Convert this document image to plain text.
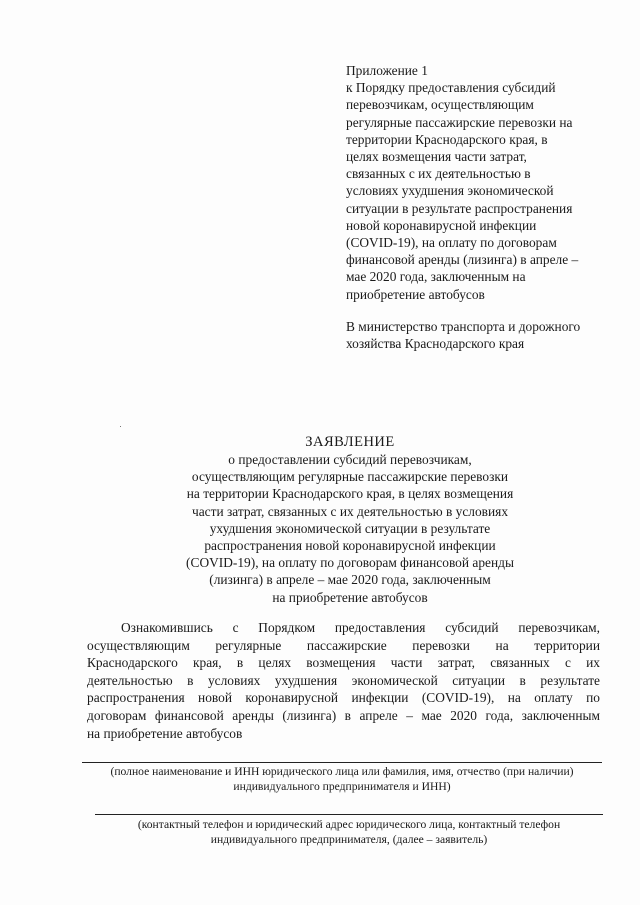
Приложение 1
к Порядку предоставления субсидий
перевозчикам, осуществляющим
регулярные пассажирские перевозки на
территории Краснодарского края, в
целях возмещения части затрат,
связанных с их деятельностью в
условиях ухудшения экономической
ситуации в результате распространения
новой коронавирусной инфекции
(COVID-19), на оплату по договорам
финансовой аренды (лизинга) в апреле –
мае 2020 года, заключенным на
приобретение автобусов
В министерство транспорта и дорожного
хозяйства Краснодарского края
ЗАЯВЛЕНИЕ
о предоставлении субсидий перевозчикам,
осуществляющим регулярные пассажирские перевозки
на территории Краснодарского края, в целях возмещения
части затрат, связанных с их деятельностью в условиях
ухудшения экономической ситуации в результате
распространения новой коронавирусной инфекции
(COVID-19), на оплату по договорам финансовой аренды
(лизинга) в апреле – мае 2020 года, заключенным
на приобретение автобусов
Ознакомившись с Порядком предоставления субсидий перевозчикам,
осуществляющим регулярные пассажирские перевозки на территории
Краснодарского края, в целях возмещения части затрат, связанных с их
деятельностью в условиях ухудшения экономической ситуации в результате
распространения новой коронавирусной инфекции (COVID-19), на оплату по
договорам финансовой аренды (лизинга) в апреле – мае 2020 года, заключенным
на приобретение автобусов
(полное наименование и ИНН юридического лица или фамилия, имя, отчество (при наличии)
индивидуального предпринимателя и ИНН)
(контактный телефон и юридический адрес юридического лица, контактный телефон
индивидуального предпринимателя, (далее – заявитель)
